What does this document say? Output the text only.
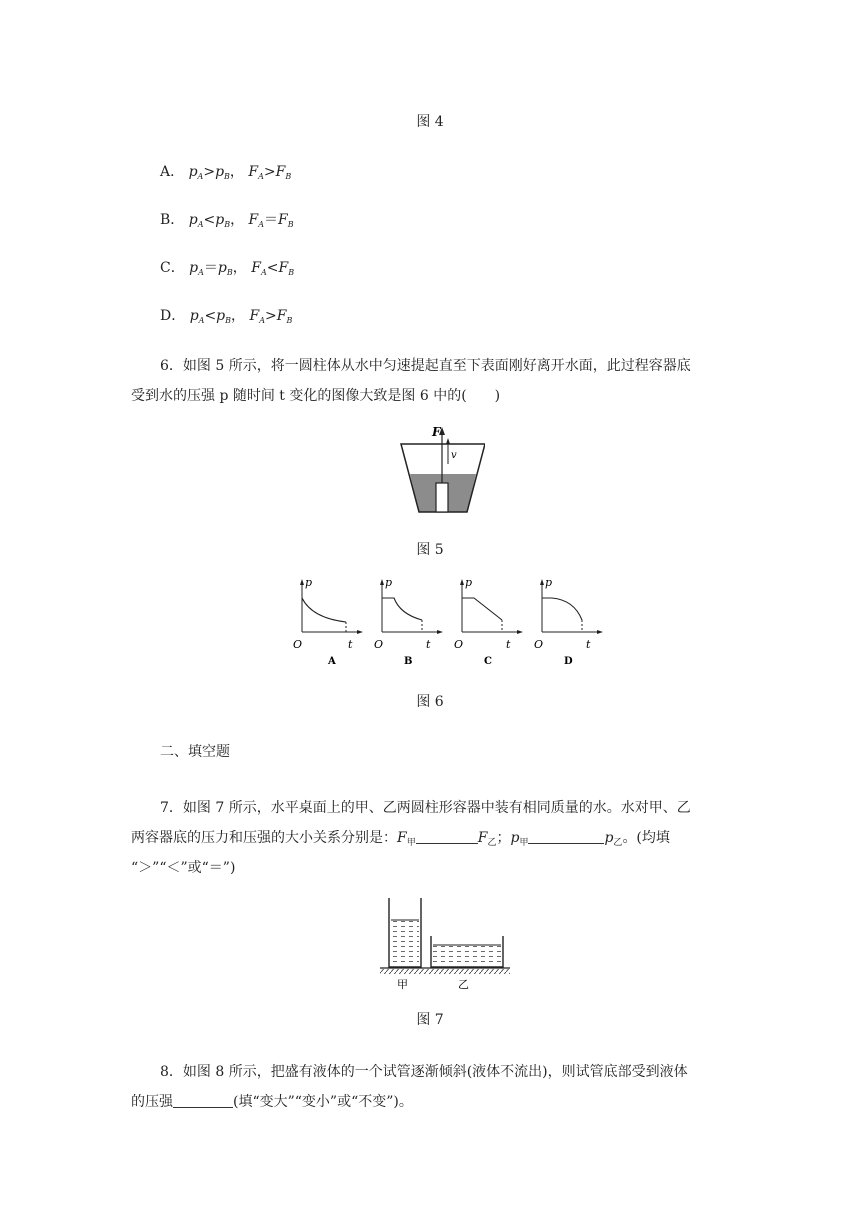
图 4
A． $p_A>p_B$， $F_A>F_B$
B． $p_A<p_B$， $F_A=F_B$
C． $p_A=p_B$， $F_A<F_B$
D． $p_A<p_B$， $F_A>F_B$
6．如图 5 所示，将一圆柱体从水中匀速提起直至下表面刚好离开水面，此过程容器底
受到水的压强 p 随时间 t 变化的图像大致是图 6 中的(　　)
F
v
图 5
p
t
O
A
p
t
O
B
p
t
O
C
p
t
O
D
图 6
二、填空题
7．如图 7 所示，水平桌面上的甲、乙两圆柱形容器中装有相同质量的水。水对甲、乙
两容器底的压力和压强的大小关系分别是：$F_甲$	$F_乙$；$p_甲$	$p_乙$。(均填
“＞”“＜”或“＝”)
甲	乙
图 7
8．如图 8 所示，把盛有液体的一个试管逐渐倾斜(液体不流出)，则试管底部受到液体
的压强	(填“变大”“变小”或“不变”)。
